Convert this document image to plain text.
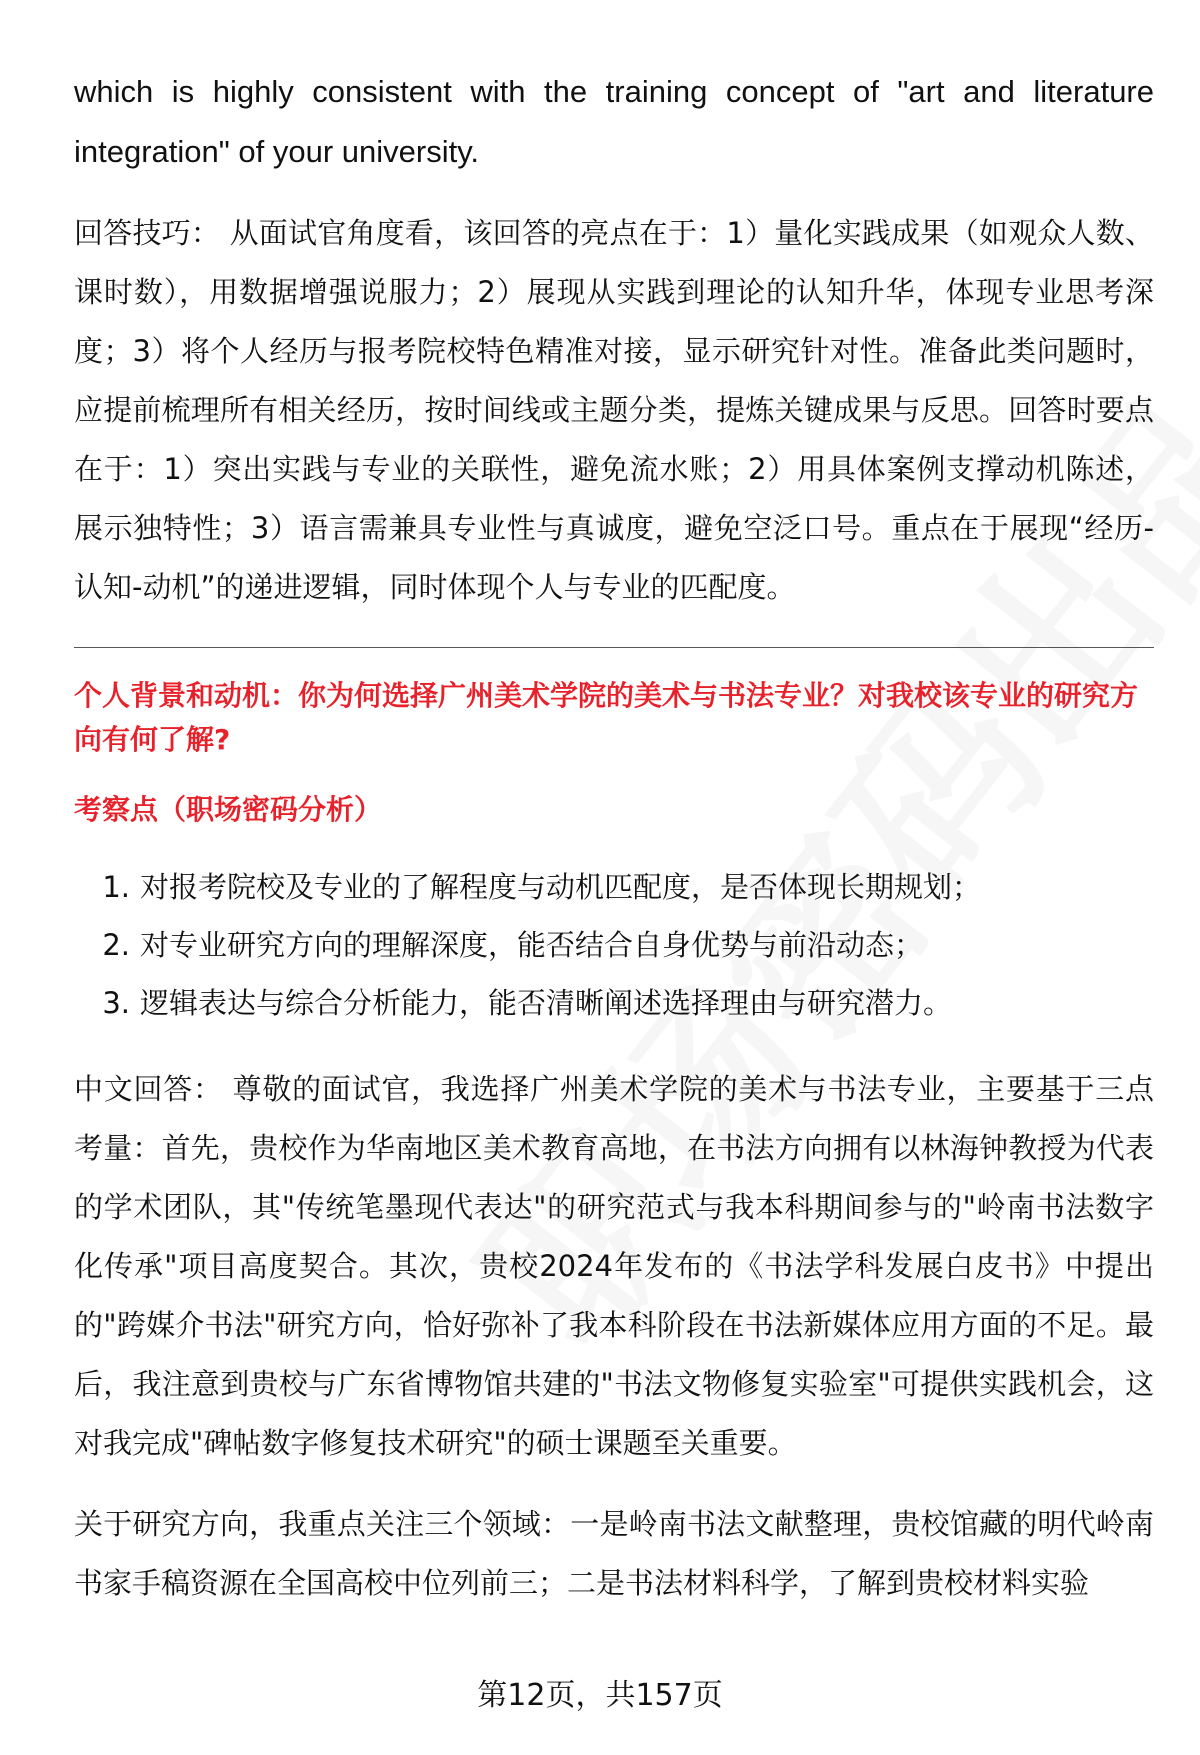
which is highly consistent with the training concept of "art and literature integration" of your university.

回答技巧： 从面试官角度看，该回答的亮点在于：1）量化实践成果（如观众人数、课时数），用数据增强说服力；2）展现从实践到理论的认知升华，体现专业思考深度；3）将个人经历与报考院校特色精准对接，显示研究针对性。准备此类问题时，应提前梳理所有相关经历，按时间线或主题分类，提炼关键成果与反思。回答时要点在于：1）突出实践与专业的关联性，避免流水账；2）用具体案例支撑动机陈述，展示独特性；3）语言需兼具专业性与真诚度，避免空泛口号。重点在于展现“经历-认知-动机”的递进逻辑，同时体现个人与专业的匹配度。

个人背景和动机：你为何选择广州美术学院的美术与书法专业？对我校该专业的研究方向有何了解?

考察点（职场密码分析）

1. 对报考院校及专业的了解程度与动机匹配度，是否体现长期规划；
2. 对专业研究方向的理解深度，能否结合自身优势与前沿动态；
3. 逻辑表达与综合分析能力，能否清晰阐述选择理由与研究潜力。

中文回答： 尊敬的面试官，我选择广州美术学院的美术与书法专业，主要基于三点考量：首先，贵校作为华南地区美术教育高地，在书法方向拥有以林海钟教授为代表的学术团队，其"传统笔墨现代表达"的研究范式与我本科期间参与的"岭南书法数字化传承"项目高度契合。其次，贵校2024年发布的《书法学科发展白皮书》中提出的"跨媒介书法"研究方向，恰好弥补了我本科阶段在书法新媒体应用方面的不足。最后，我注意到贵校与广东省博物馆共建的"书法文物修复实验室"可提供实践机会，这对我完成"碑帖数字修复技术研究"的硕士课题至关重要。

关于研究方向，我重点关注三个领域：一是岭南书法文献整理，贵校馆藏的明代岭南书家手稿资源在全国高校中位列前三；二是书法材料科学，了解到贵校材料实验

第12页，共157页
